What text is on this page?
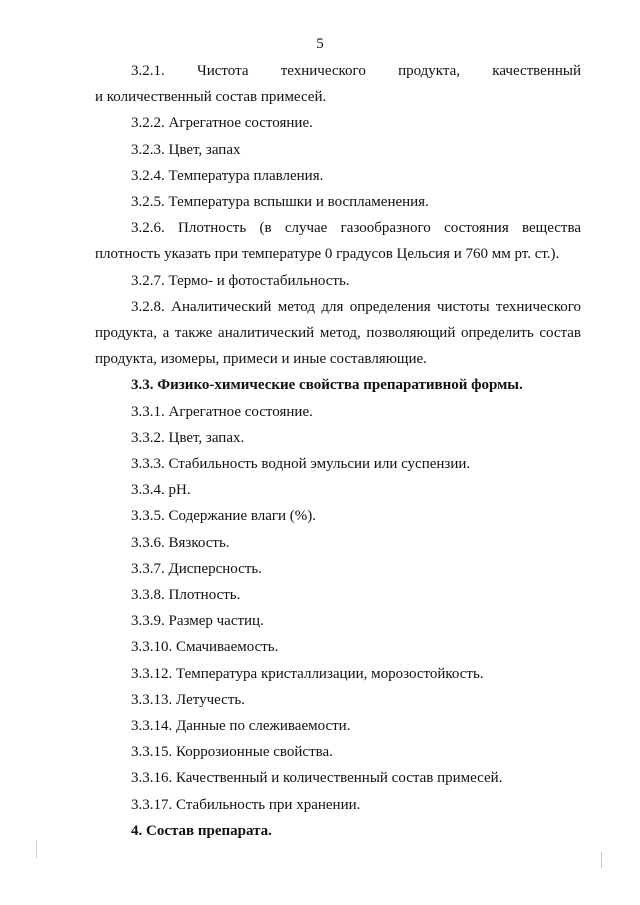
5

3.2.1. Чистота технического продукта, качественный
и количественный состав примесей.

3.2.2. Агрегатное состояние.

3.2.3. Цвет, запах

3.2.4. Температура плавления.

3.2.5. Температура вспышки и воспламенения.

3.2.6. Плотность (в случае газообразного состояния вещества плотность указать при температуре 0 градусов Цельсия и 760 мм рт. ст.).

3.2.7. Термо- и фотостабильность.

3.2.8. Аналитический метод для определения чистоты технического продукта, а также аналитический метод, позволяющий определить состав продукта, изомеры, примеси и иные составляющие.

3.3. Физико-химические свойства препаративной формы.

3.3.1. Агрегатное состояние.

3.3.2. Цвет, запах.

3.3.3. Стабильность водной эмульсии или суспензии.

3.3.4. pH.

3.3.5. Содержание влаги (%).

3.3.6. Вязкость.

3.3.7. Дисперсность.

3.3.8. Плотность.

3.3.9. Размер частиц.

3.3.10. Смачиваемость.

3.3.12. Температура кристаллизации, морозостойкость.

3.3.13. Летучесть.

3.3.14. Данные по слеживаемости.

3.3.15. Коррозионные свойства.

3.3.16. Качественный и количественный состав примесей.

3.3.17. Стабильность при хранении.

4. Состав препарата.
